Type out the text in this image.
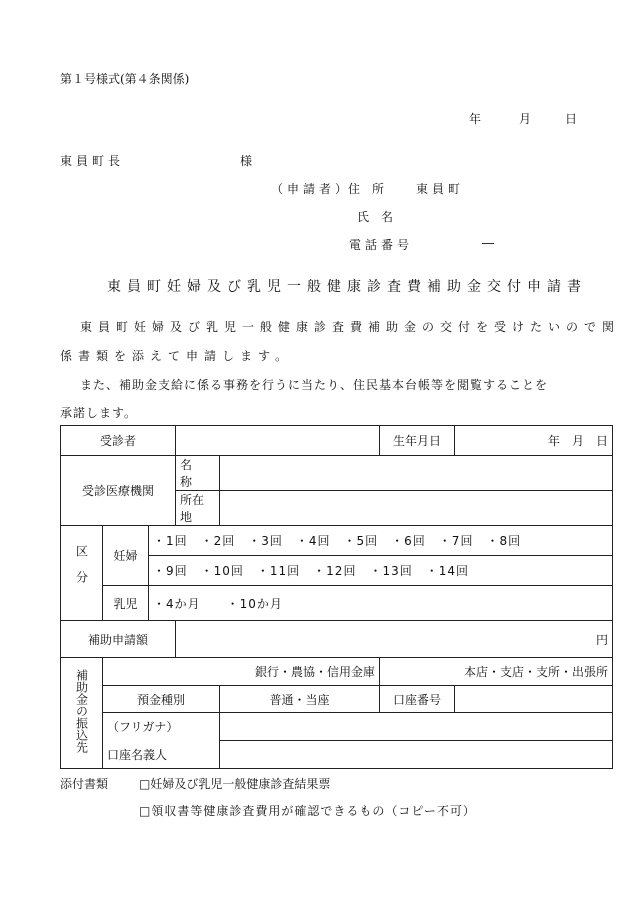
第１号様式(第４条関係)
年	月	日
東員町長	様
（申請者）
住　所	東員町
氏　名
電話番号	―
東員町妊婦及び乳児一般健康診査費補助金交付申請書
東員町妊婦及び乳児一般健康診査費補助金の交付を受けたいので関
係書類を添えて申請します。
また、補助金支給に係る事務を行うに当たり、住民基本台帳等を閲覧することを
承諾します。
受診者					生年月日	年　月　日
受診医療機関			名　称			
			所在地			
区分	妊婦	・1回　・2回　・3回　・4回　・5回　・6回　・7回　・8回				
		・9回　・10回　・11回　・12回　・13回　・14回				
	乳児	・4か月　　・10か月				
補助申請額			円			
補助金の振込先	銀行・農協・信用金庫				本店・支店・支所・出張所	
	預金種別			普通・当座	口座番号	
	（フリガナ）					
	口座名義人					
添付書類	□妊婦及び乳児一般健康診査結果票
□領収書等健康診査費用が確認できるもの（コピー不可）
